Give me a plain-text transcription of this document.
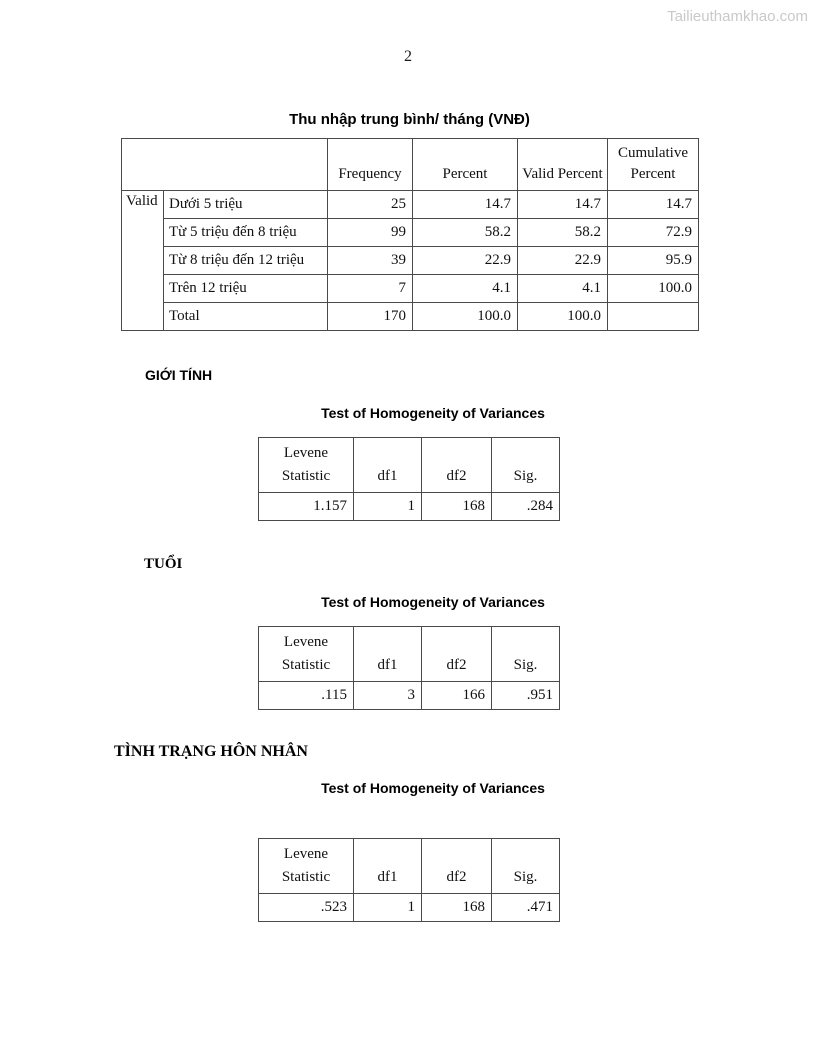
Tailieuthamkhao.com
2
Thu nhập trung bình/ tháng (VNĐ)
		Frequency	Percent	Valid Percent	Cumulative Percent
Valid	Dưới 5 triệu	25	14.7	14.7	14.7
	Từ 5 triệu đến 8 triệu	99	58.2	58.2	72.9
	Từ 8 triệu đến 12 triệu	39	22.9	22.9	95.9
	Trên 12 triệu	7	4.1	4.1	100.0
	Total	170	100.0	100.0	
GIỚI TÍNH
Test of Homogeneity of Variances
Levene Statistic	df1	df2	Sig.
1.157	1	168	.284
TUỔI
Test of Homogeneity of Variances
Levene Statistic	df1	df2	Sig.
.115	3	166	.951
TÌNH TRẠNG HÔN NHÂN
Test of Homogeneity of Variances
Levene Statistic	df1	df2	Sig.
.523	1	168	.471
